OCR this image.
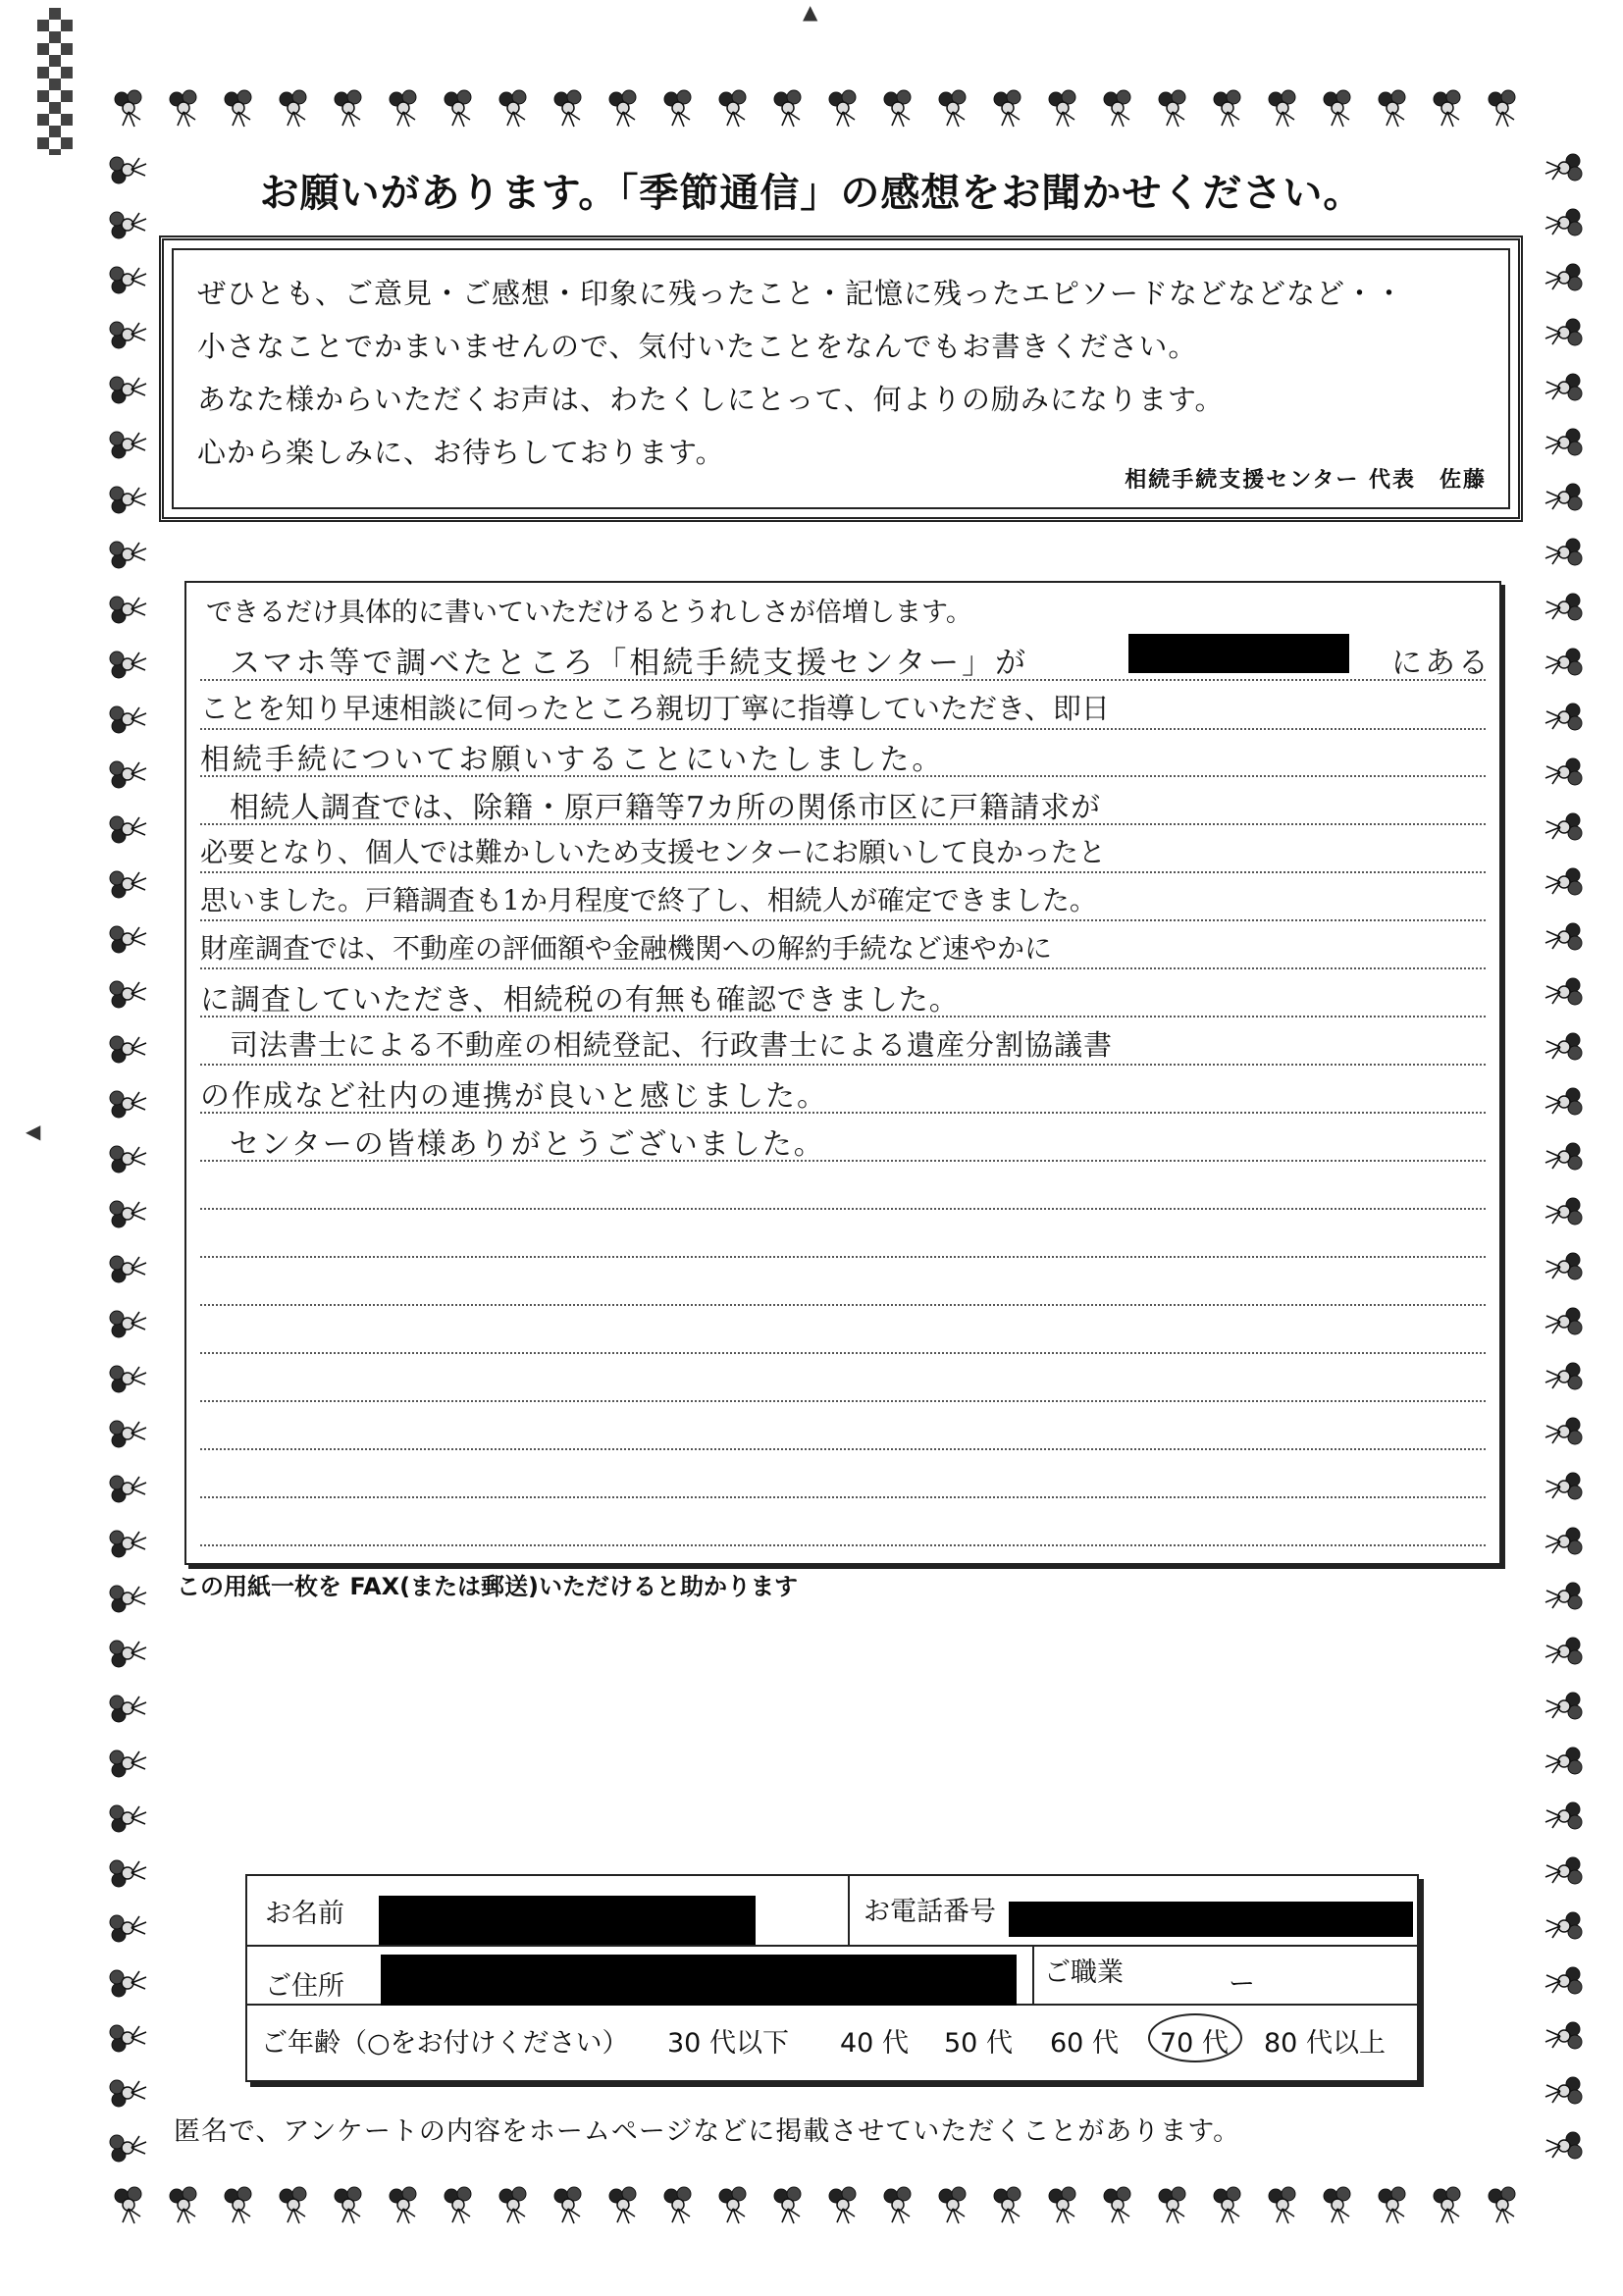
▲
◀
お願いがあります。「季節通信」の感想をお聞かせください。
ぜひとも、ご意見・ご感想・印象に残ったこと・記憶に残ったエピソードなどなどなど・・
小さなことでかまいませんので、気付いたことをなんでもお書きください。
あなた様からいただくお声は、わたくしにとって、何よりの励みになります。
心から楽しみに、お待ちしております。
相続手続支援センター 代表　佐藤
できるだけ具体的に書いていただけるとうれしさが倍増します。
スマホ等で調べたところ「相続手続支援センター」が	にある
ことを知り早速相談に伺ったところ親切丁寧に指導していただき、即日
相続手続についてお願いすることにいたしました。
相続人調査では、除籍・原戸籍等7カ所の関係市区に戸籍請求が
必要となり、個人では難かしいため支援センターにお願いして良かったと
思いました。戸籍調査も1か月程度で終了し、相続人が確定できました。
財産調査では、不動産の評価額や金融機関への解約手続など速やかに
に調査していただき、相続税の有無も確認できました。
司法書士による不動産の相続登記、行政書士による遺産分割協議書
の作成など社内の連携が良いと感じました。
センターの皆様ありがとうございました。
この用紙一枚を FAX(または郵送)いただけると助かります
お名前	お電話番号
ご住所	ご職業	ー
ご年齢（○をお付けください） 30 代以下 40 代 50 代 60 代 70 代 80 代以上
匿名で、アンケートの内容をホームページなどに掲載させていただくことがあります。
